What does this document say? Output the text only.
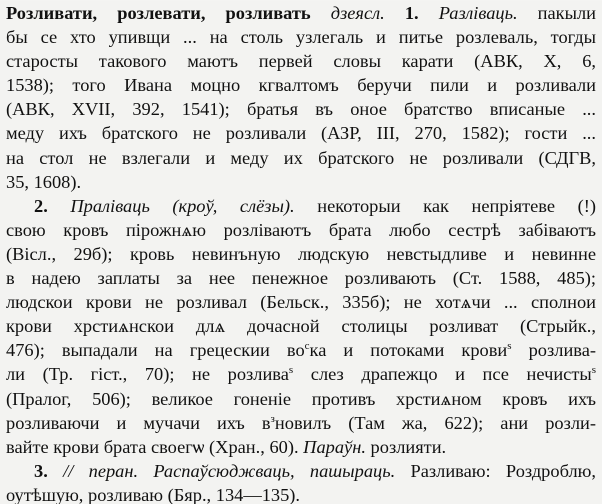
Розливати, розлевати, розливать дзеясл. 1. Разліваць. пакыли
бы се хто упивщи ... на столь узлегаль и питье розлеваль, тогды
старосты такового маютъ первей словы карати (АВК, Х, 6,
1538); того Ивана моцно кгвалтомъ беручи пили и розливали
(АВК, XVII, 392, 1541); братья въ оное братство вписаные ...
меду ихъ братского не розливали (АЗР, III, 270, 1582); гости ...
на стол не взлегали и меду их братского не розливали (СДГВ,
35, 1608).
2. Праліваць (кроў, слёзы). некоторыи как непріятеве (!)
свою кровъ пірожнѧю розліваютъ брата любо сестрѣ забіваютъ
(Вісл., 29б); кровь невинъную людскую невстыдливе и невинне
в надею заплаты за нее пенежное розливають (Ст. 1588, 485);
людскои крови не розливал (Бельск., 335б); не хотѧчи ... сполнои
крови хрстиѧнскои длѧ дочасной столицы розливат (Стрыйк.,
476); выпадали на грецескии $во^ска$ и потоками крови$^s$ розлива-
ли (Тр. гіст., 70); не розлива$^s$ слез драпежцо и псе нечисты$^s$
(Пралог, 506); великое гоненіе противъ хрстиѧном кровъ ихъ
розливаючи и мучачи ихъ $в^зновилъ$ (Там жа, 622); ани розли-
вайте крови брата своегѡ (Хран., 60). Параўн. розлияти.
3. // перан. Распаўсюджваць, пашыраць. Разливаю: Роздроблю,
оутѣшую, розливаю (Бяр., 134—135).
